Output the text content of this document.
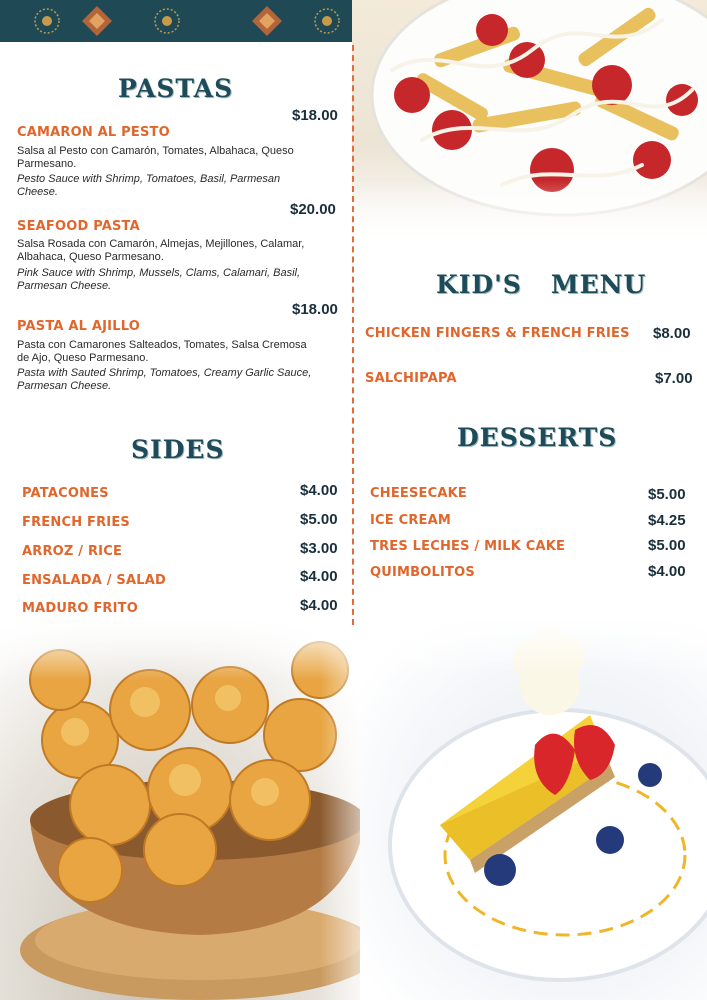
PASTAS
$18.00
CAMARON AL PESTO
Salsa al Pesto con Camarón, Tomates, Albahaca, Queso Parmesano.
Pesto Sauce with Shrimp, Tomatoes, Basil, Parmesan Cheese.
$20.00
SEAFOOD PASTA
Salsa Rosada con Camarón, Almejas, Mejillones, Calamar, Albahaca, Queso Parmesano.
Pink Sauce with Shrimp, Mussels, Clams, Calamari, Basil, Parmesan Cheese.
$18.00
PASTA AL AJILLO
Pasta con Camarones Salteados, Tomates, Salsa Cremosa de Ajo, Queso Parmesano.
Pasta with Sauted Shrimp, Tomatoes, Creamy Garlic Sauce, Parmesan Cheese.
SIDES
PATACONES	$4.00
FRENCH FRIES	$5.00
ARROZ / RICE	$3.00
ENSALADA / SALAD	$4.00
MADURO FRITO	$4.00
KID'S   MENU
CHICKEN FINGERS & FRENCH FRIES $8.00
SALCHIPAPA	$7.00
DESSERTS
CHEESECAKE	$5.00
ICE CREAM	$4.25
TRES LECHES / MILK CAKE	$5.00
QUIMBOLITOS	$4.00
